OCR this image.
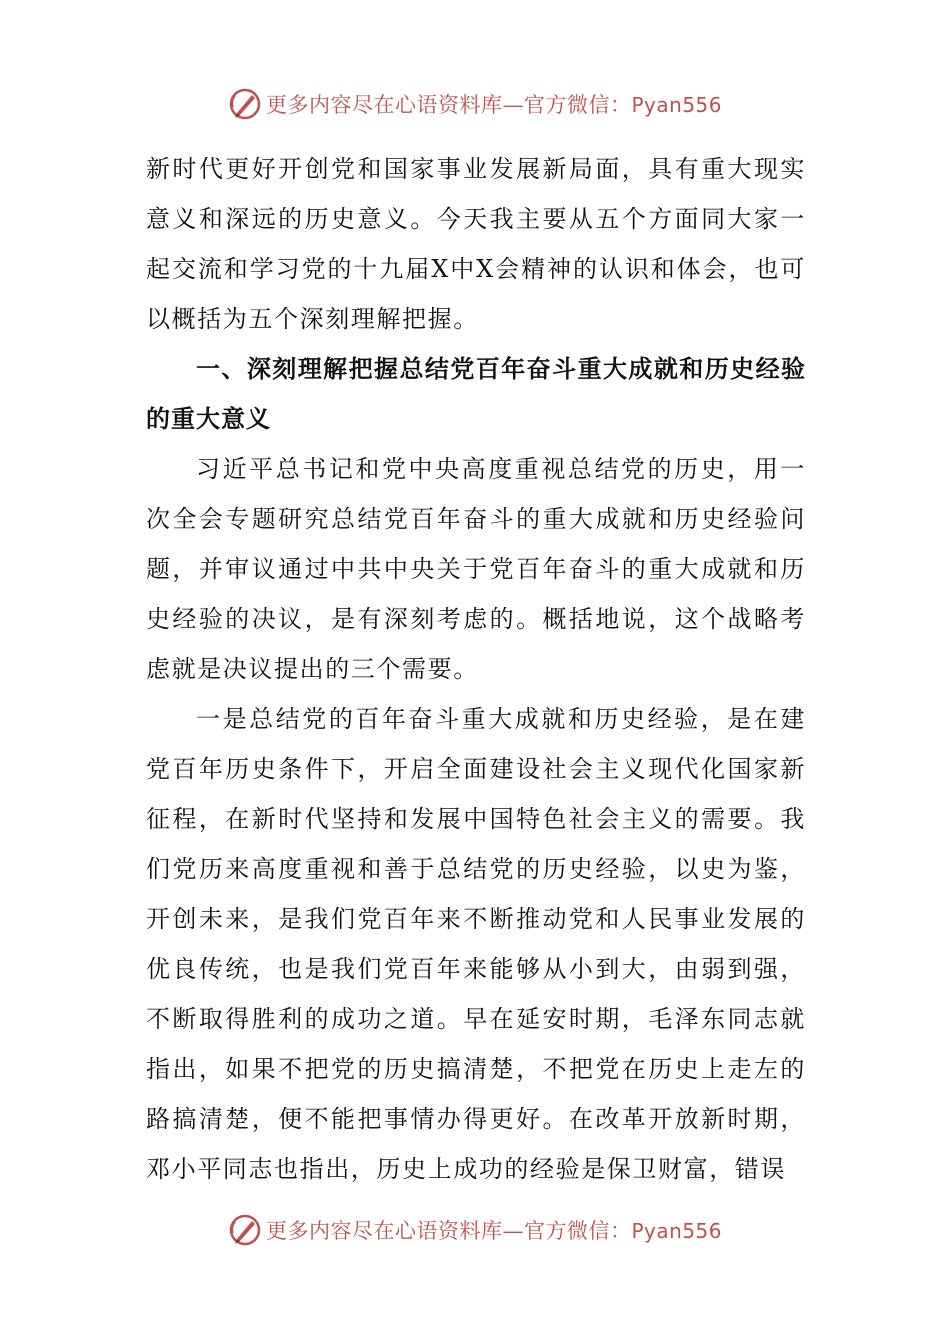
更多内容尽在心语资料库—官方微信：Pyan556

新时代更好开创党和国家事业发展新局面，具有重大现实意义和深远的历史意义。今天我主要从五个方面同大家一起交流和学习党的十九届X中X会精神的认识和体会，也可以概括为五个深刻理解把握。

一、深刻理解把握总结党百年奋斗重大成就和历史经验的重大意义

习近平总书记和党中央高度重视总结党的历史，用一次全会专题研究总结党百年奋斗的重大成就和历史经验问题，并审议通过中共中央关于党百年奋斗的重大成就和历史经验的决议，是有深刻考虑的。概括地说，这个战略考虑就是决议提出的三个需要。

一是总结党的百年奋斗重大成就和历史经验，是在建党百年历史条件下，开启全面建设社会主义现代化国家新征程，在新时代坚持和发展中国特色社会主义的需要。我们党历来高度重视和善于总结党的历史经验，以史为鉴，开创未来，是我们党百年来不断推动党和人民事业发展的优良传统，也是我们党百年来能够从小到大，由弱到强，不断取得胜利的成功之道。早在延安时期，毛泽东同志就指出，如果不把党的历史搞清楚，不把党在历史上走左的路搞清楚，便不能把事情办得更好。在改革开放新时期，邓小平同志也指出，历史上成功的经验是保卫财富，错误

更多内容尽在心语资料库—官方微信：Pyan556
